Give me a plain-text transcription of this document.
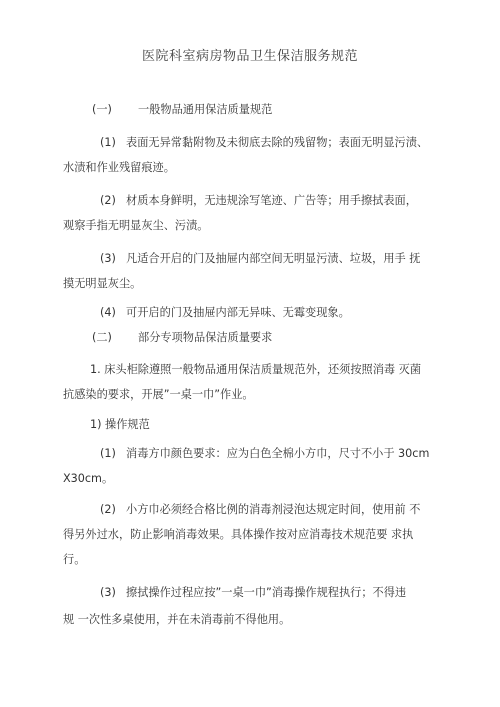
医院科室病房物品卫生保洁服务规范
(一) 一般物品通用保洁质量规范
(1) 表面无异常黏附物及未彻底去除的残留物；表面无明显污渍、
水渍和作业残留痕迹。
(2) 材质本身鲜明，无违规涂写笔迹、广告等；用手擦拭表面，
观察手指无明显灰尘、污渍。
(3) 凡适合开启的门及抽屉内部空间无明显污渍、垃圾，用手 抚
摸无明显灰尘。
(4) 可开启的门及抽屉内部无异味、无霉变现象。
(二) 部分专项物品保洁质量要求
1. 床头柜除遵照一般物品通用保洁质量规范外，还须按照消毒 灭菌
抗感染的要求，开展”一桌一巾”作业。
1) 操作规范
(1) 消毒方巾颜色要求：应为白色全棉小方巾，尺寸不小于 30cm
X30cm。
(2) 小方巾必须经合格比例的消毒剂浸泡达规定时间，使用前 不
得另外过水，防止影响消毒效果。具体操作按对应消毒技术规范要 求执
行。
(3) 擦拭操作过程应按”一桌一巾”消毒操作规程执行；不得违
规 一次性多桌使用，并在未消毒前不得他用。
